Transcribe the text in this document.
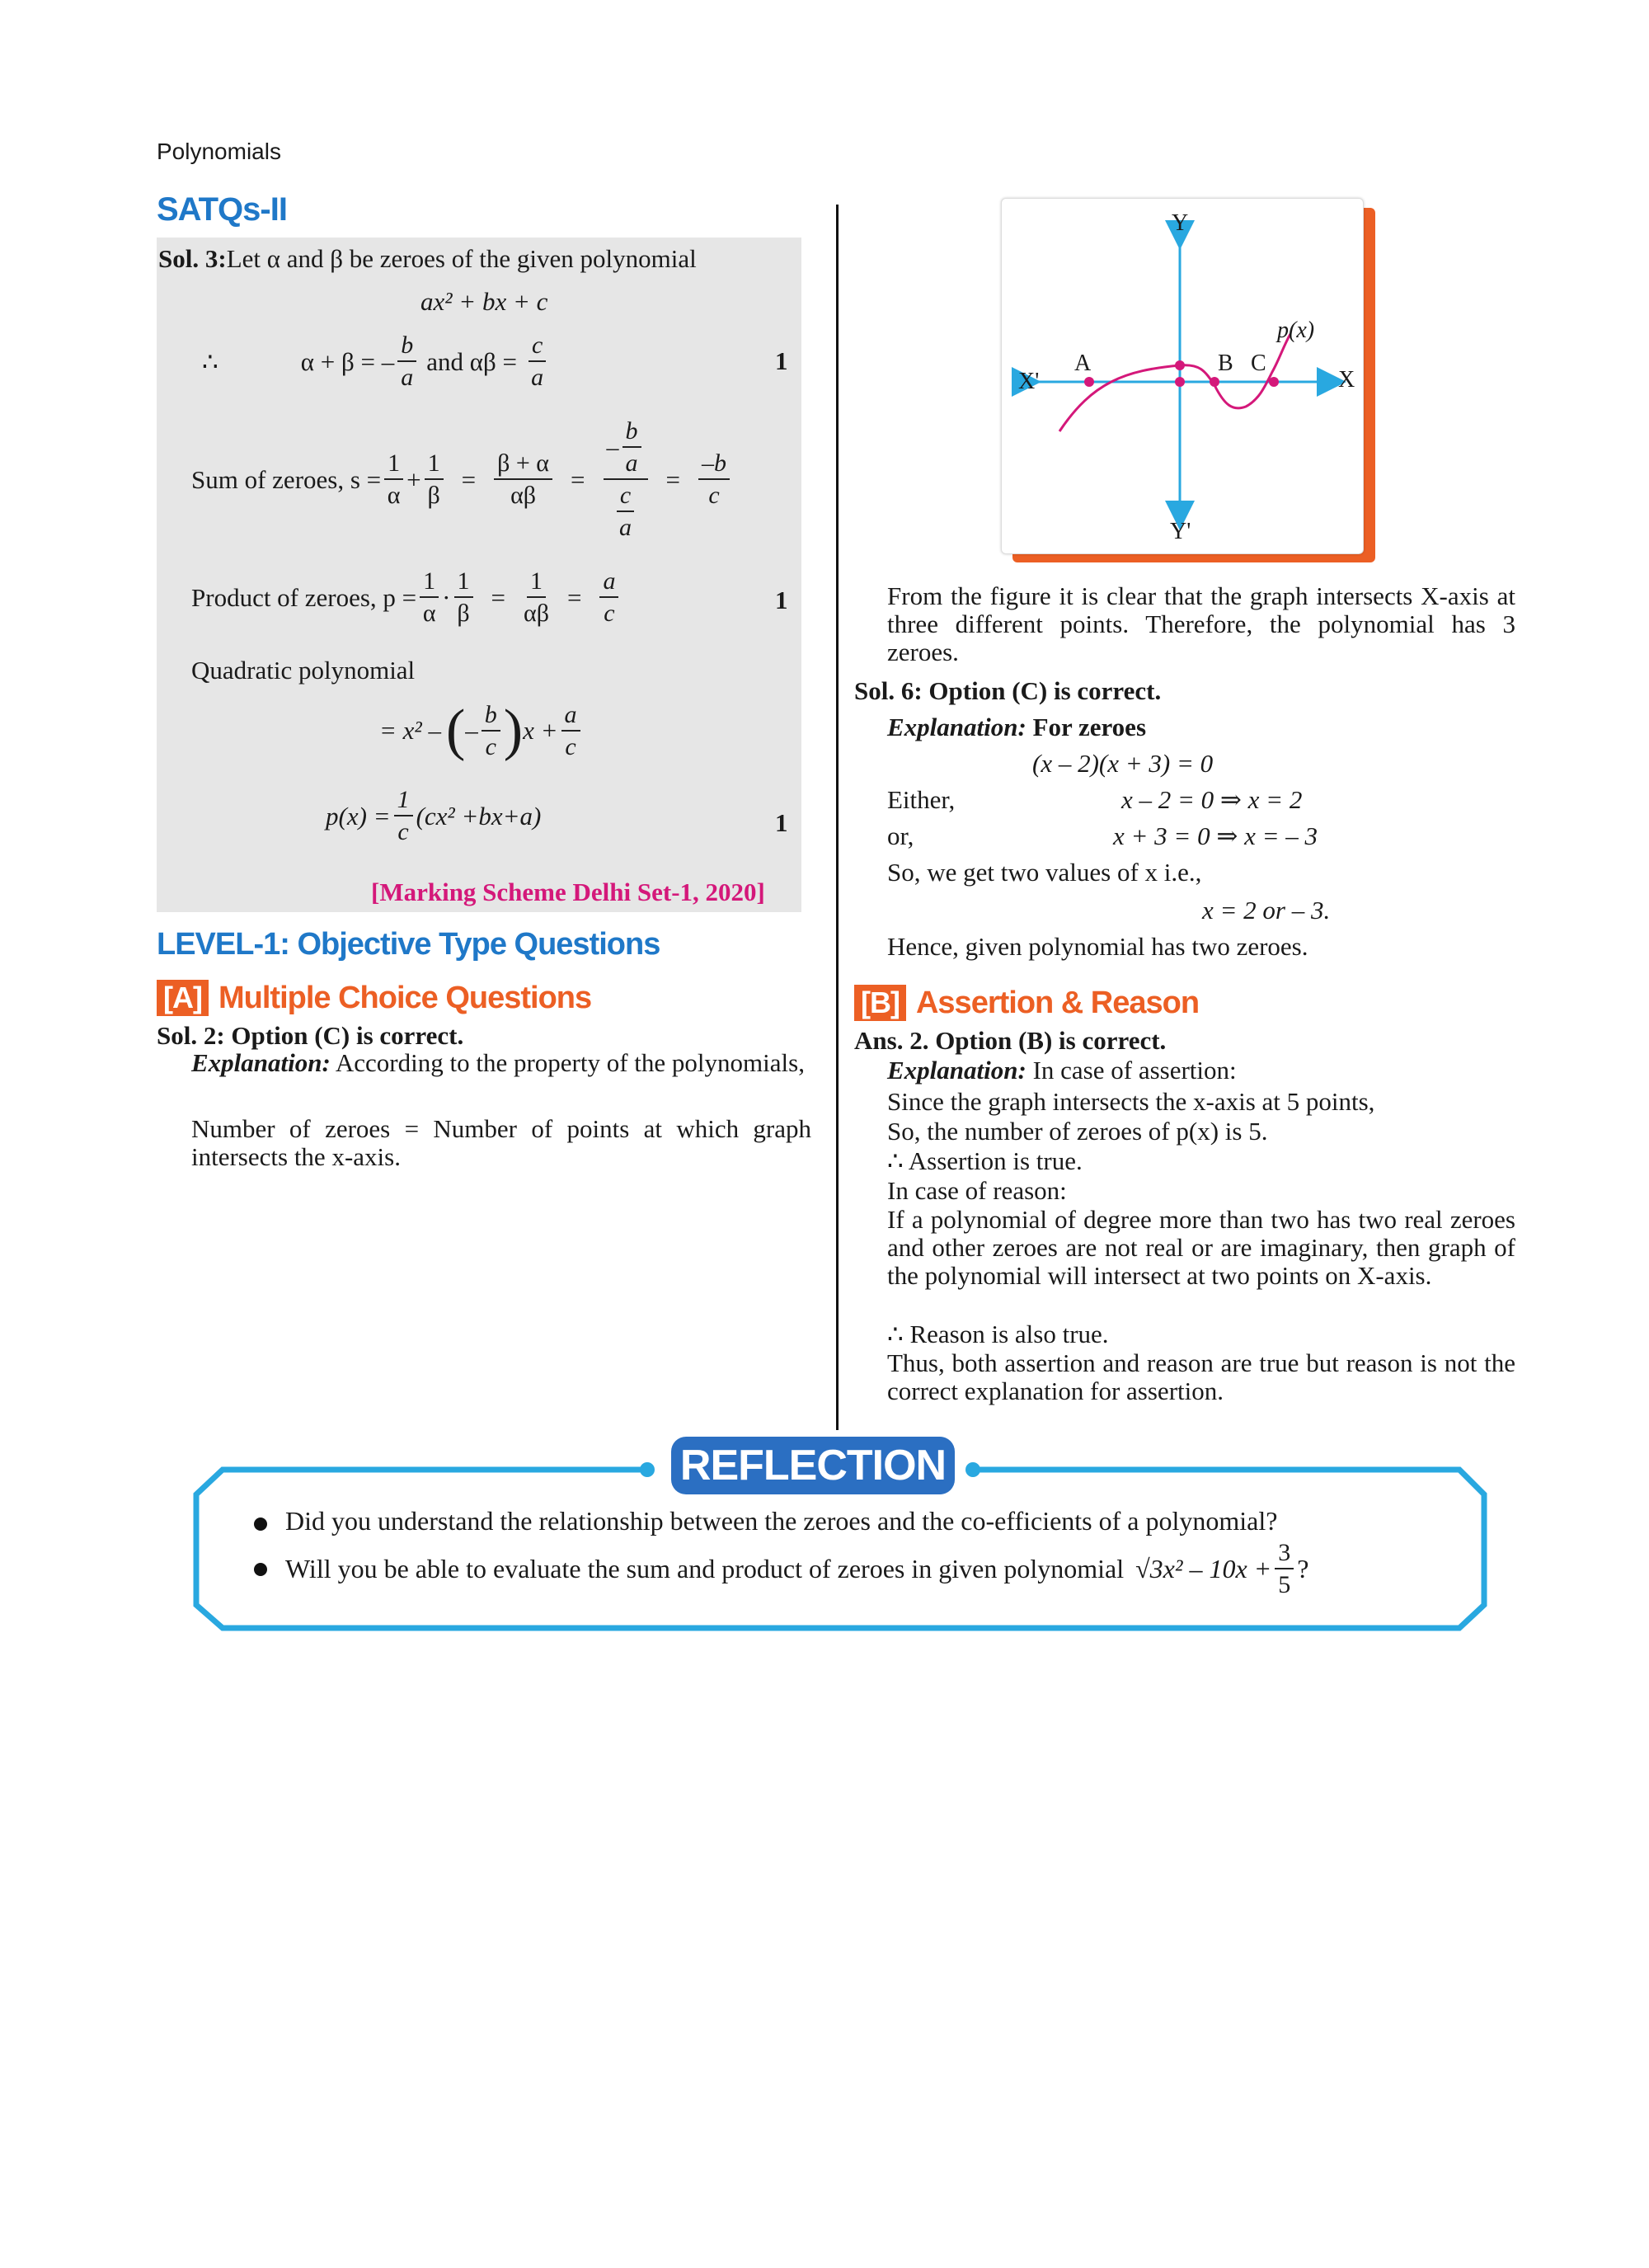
Polynomials
SATQs-II
Sol. 3:Let α and β be zeroes of the given polynomial
ax² + bx + c
∴	α + β = – $\frac{b}{a}$ and $\alpha\beta = \frac{c}{a}$	1
Sum of zeroes, $s = \frac{1}{\alpha} + \frac{1}{\beta} = \frac{\beta + \alpha}{\alpha\beta} = \frac{- \frac{b}{a}}{\frac{c}{a}} = \frac{-b}{c}$
Product of zeroes, $p = \frac{1}{\alpha} \cdot \frac{1}{\beta} = \frac{1}{\alpha\beta} = \frac{a}{c}$	1
Quadratic polynomial
= x² – ( – $\frac{b}{c}$ ) $x + \frac{a}{c}$
$p(x) = \frac{1}{c} (cx^2 +bx+a)$	1
[Marking Scheme Delhi Set-1, 2020]
LEVEL-1: Objective Type Questions
[A] Multiple Choice Questions
Sol. 2: Option (C) is correct.
Explanation: According to the property of the polynomials,
Number of zeroes = Number of points at which graph intersects the x-axis.
Y
Y'
X
X'
p(x)
A	B C
From the figure it is clear that the graph intersects X-axis at three different points. Therefore, the polynomial has 3 zeroes.
Sol. 6: Option (C) is correct.
Explanation: For zeroes
(x – 2)(x + 3) = 0
Either,	x – 2 = 0 ⇒ x = 2
or,	x + 3 = 0 ⇒ x = – 3
So, we get two values of x i.e.,
x = 2 or – 3.
Hence, given polynomial has two zeroes.
[B] Assertion & Reason
Ans. 2. Option (B) is correct.
Explanation: In case of assertion:
Since the graph intersects the x-axis at 5 points,
So, the number of zeroes of p(x) is 5.
∴ Assertion is true.
In case of reason:
If a polynomial of degree more than two has two real zeroes and other zeroes are not real or are imaginary, then graph of the polynomial will intersect at two points on X-axis.
∴ Reason is also true.
Thus, both assertion and reason are true but reason is not the correct explanation for assertion.
REFLECTION
Did you understand the relationship between the zeroes and the co-efficients of a polynomial?
Will you be able to evaluate the sum and product of zeroes in given polynomial $√3x^2 - 10x + \frac{3}{5}$ ?
